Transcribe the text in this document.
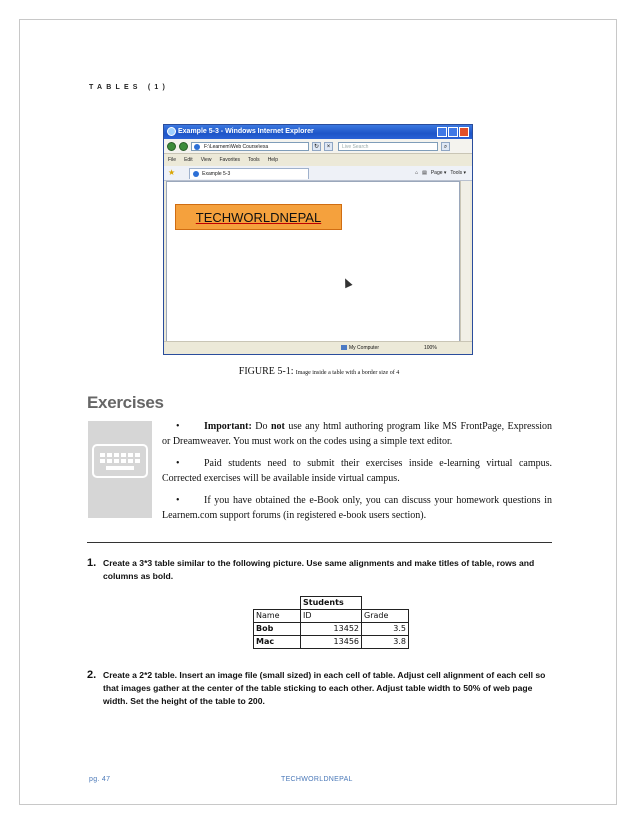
TABLES (1)
Example 5-3 - Windows Internet Explorer
F:\Learnem\Web Course\exa	↻	×	Live Search	⌕
File Edit View Favorites Tools Help
★	Example 5-3	⌂ ▤ Page ▾ Tools ▾
TECHWORLDNEPAL
My Computer	100%
FIGURE 5-1: Image inside a table with a border size of 4
Exercises
• Important: Do not use any html authoring program like MS FrontPage, Expression or Dreamweaver. You must work on the codes using a simple text editor.
• Paid students need to submit their exercises inside e-learning virtual campus. Corrected exercises will be available inside virtual campus.
• If you have obtained the e-Book only, you can discuss your homework questions in Learnem.com support forums (in registered e-book users section).
1. Create a 3*3 table similar to the following picture. Use same alignments and make titles of table, rows and columns as bold.
	Students	
Name	ID	Grade
Bob	13452	3.5
Mac	13456	3.8
2. Create a 2*2 table. Insert an image file (small sized) in each cell of table. Adjust cell alignment of each cell so that images gather at the center of the table sticking to each other. Adjust table width to 50% of web page width. Set the height of the table to 200.
pg. 47	TECHWORLDNEPAL
